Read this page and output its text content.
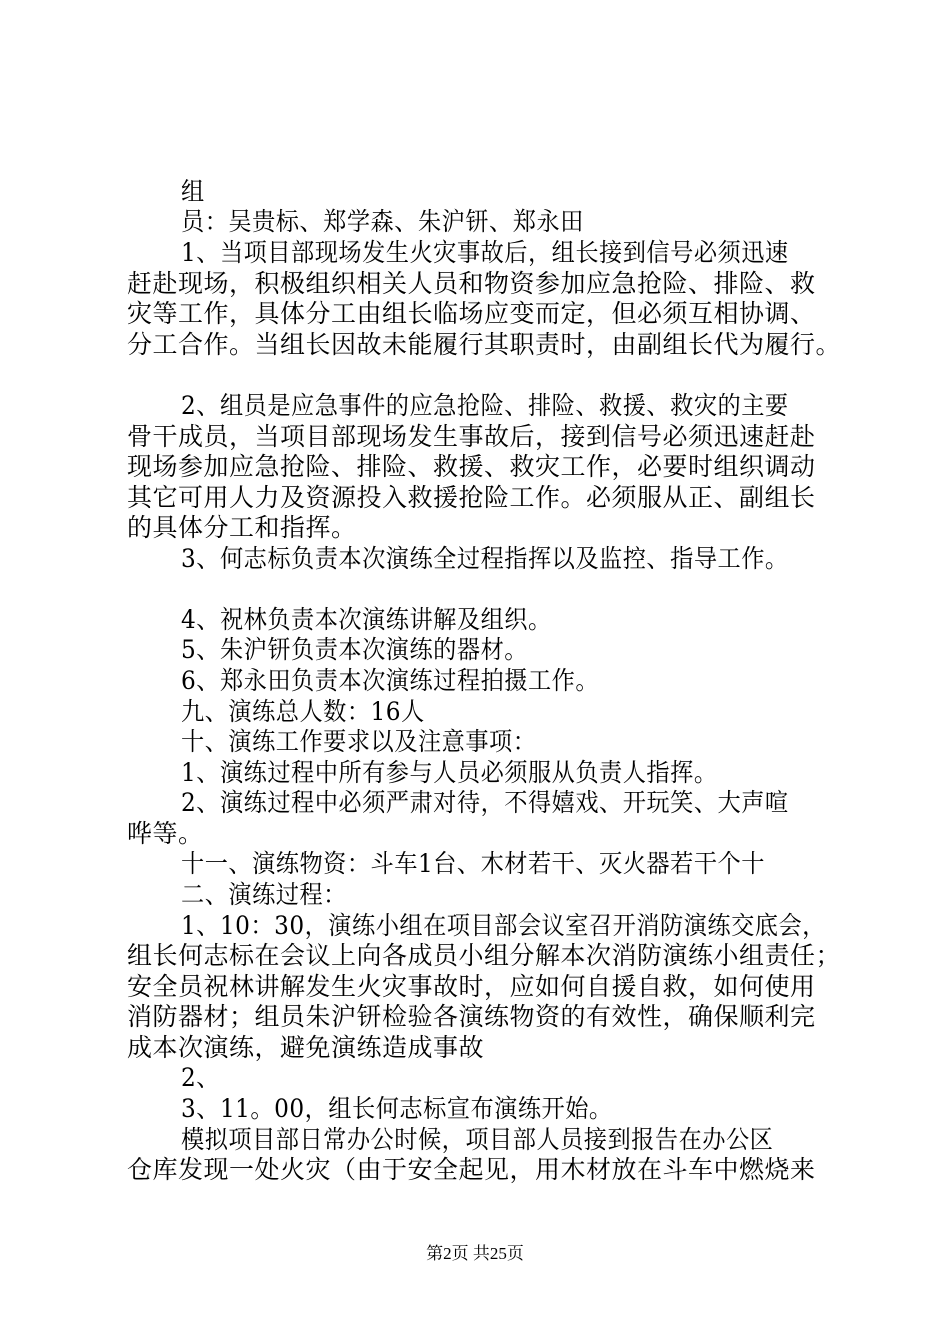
组
员：吴贵标、郑学森、朱沪钘、郑永田
1、当项目部现场发生火灾事故后，组长接到信号必须迅速
赶赴现场，积极组织相关人员和物资参加应急抢险、排险、救
灾等工作，具体分工由组长临场应变而定，但必须互相协调、
分工合作。当组长因故未能履行其职责时，由副组长代为履行。
2、组员是应急事件的应急抢险、排险、救援、救灾的主要
骨干成员，当项目部现场发生事故后，接到信号必须迅速赶赴
现场参加应急抢险、排险、救援、救灾工作，必要时组织调动
其它可用人力及资源投入救援抢险工作。必须服从正、副组长
的具体分工和指挥。
3、何志标负责本次演练全过程指挥以及监控、指导工作。
4、祝林负责本次演练讲解及组织。
5、朱沪钘负责本次演练的器材。
6、郑永田负责本次演练过程拍摄工作。
九、演练总人数：16人
十、演练工作要求以及注意事项：
1、演练过程中所有参与人员必须服从负责人指挥。
2、演练过程中必须严肃对待，不得嬉戏、开玩笑、大声喧
哗等。
十一、演练物资：斗车1台、木材若干、灭火器若干个十
二、演练过程：
1、10：30，演练小组在项目部会议室召开消防演练交底会，
组长何志标在会议上向各成员小组分解本次消防演练小组责任；
安全员祝林讲解发生火灾事故时，应如何自援自救，如何使用
消防器材；组员朱沪钘检验各演练物资的有效性，确保顺利完
成本次演练，避免演练造成事故
2、
3、11。00，组长何志标宣布演练开始。
模拟项目部日常办公时候，项目部人员接到报告在办公区
仓库发现一处火灾（由于安全起见，用木材放在斗车中燃烧来
第2页 共25页
